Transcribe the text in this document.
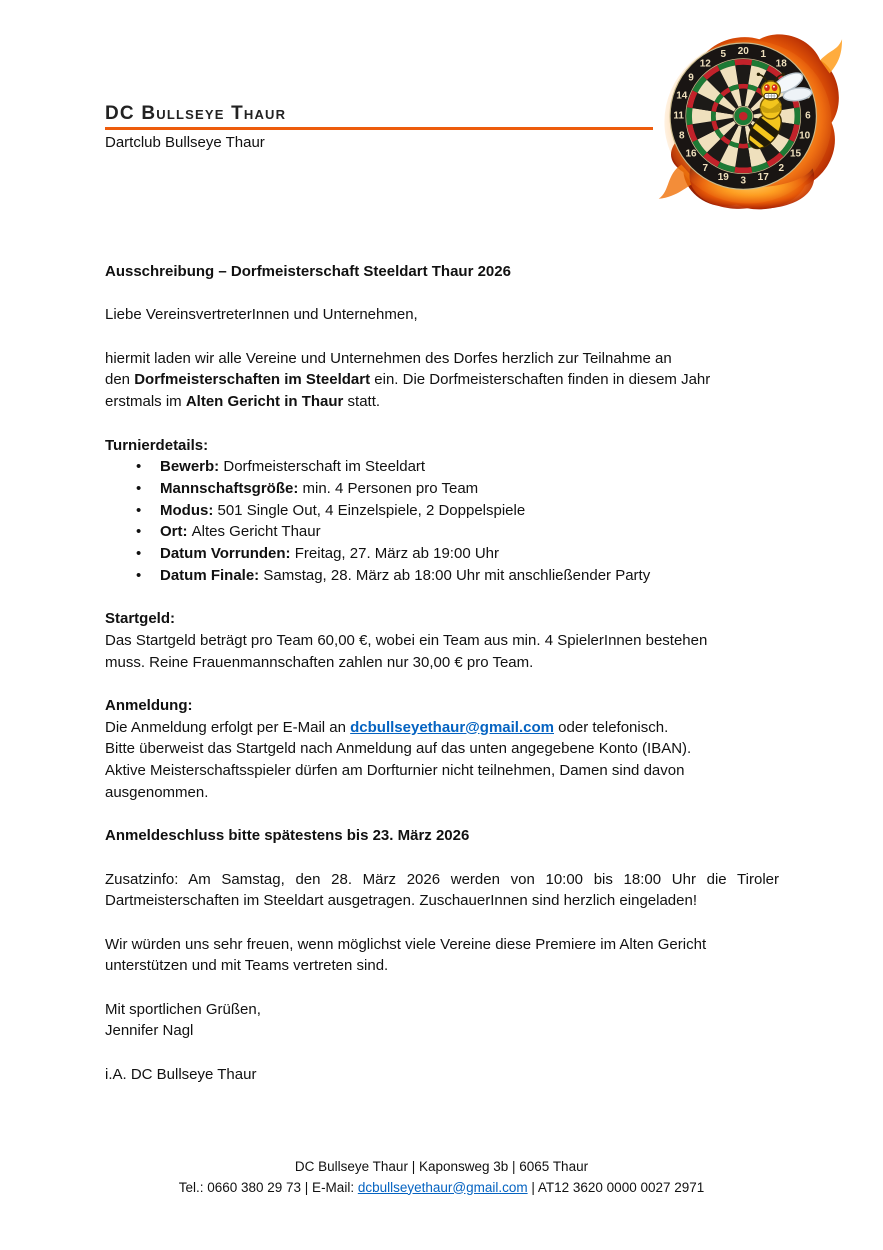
DC Bullseye Thaur
Dartclub Bullseye Thaur
20 1
18
6
10
15
2
17
3
19
7
16
8
11
14
9
12
5

Ausschreibung – Dorfmeisterschaft Steeldart Thaur 2026

Liebe VereinsvertreterInnen und Unternehmen,

hiermit laden wir alle Vereine und Unternehmen des Dorfes herzlich zur Teilnahme an
den Dorfmeisterschaften im Steeldart ein. Die Dorfmeisterschaften finden in diesem Jahr
erstmals im Alten Gericht in Thaur statt.

Turnierdetails:

• Bewerb: Dorfmeisterschaft im Steeldart
• Mannschaftsgröße: min. 4 Personen pro Team
• Modus: 501 Single Out, 4 Einzelspiele, 2 Doppelspiele
• Ort: Altes Gericht Thaur
• Datum Vorrunden: Freitag, 27. März ab 19:00 Uhr
• Datum Finale: Samstag, 28. März ab 18:00 Uhr mit anschließender Party

Startgeld:

Das Startgeld beträgt pro Team 60,00 €, wobei ein Team aus min. 4 SpielerInnen bestehen
muss. Reine Frauenmannschaften zahlen nur 30,00 € pro Team.

Anmeldung:

Die Anmeldung erfolgt per E-Mail an dcbullseyethaur@gmail.com oder telefonisch.
Bitte überweist das Startgeld nach Anmeldung auf das unten angegebene Konto (IBAN).
Aktive Meisterschaftsspieler dürfen am Dorfturnier nicht teilnehmen, Damen sind davon
ausgenommen.

Anmeldeschluss bitte spätestens bis 23. März 2026

Zusatzinfo: Am Samstag, den 28. März 2026 werden von 10:00 bis 18:00 Uhr die Tiroler
Dartmeisterschaften im Steeldart ausgetragen. ZuschauerInnen sind herzlich eingeladen!

Wir würden uns sehr freuen, wenn möglichst viele Vereine diese Premiere im Alten Gericht
unterstützen und mit Teams vertreten sind.

Mit sportlichen Grüßen,
Jennifer Nagl

i.A. DC Bullseye Thaur

DC Bullseye Thaur | Kaponsweg 3b | 6065 Thaur
Tel.: 0660 380 29 73 | E-Mail: dcbullseyethaur@gmail.com | AT12 3620 0000 0027 2971
